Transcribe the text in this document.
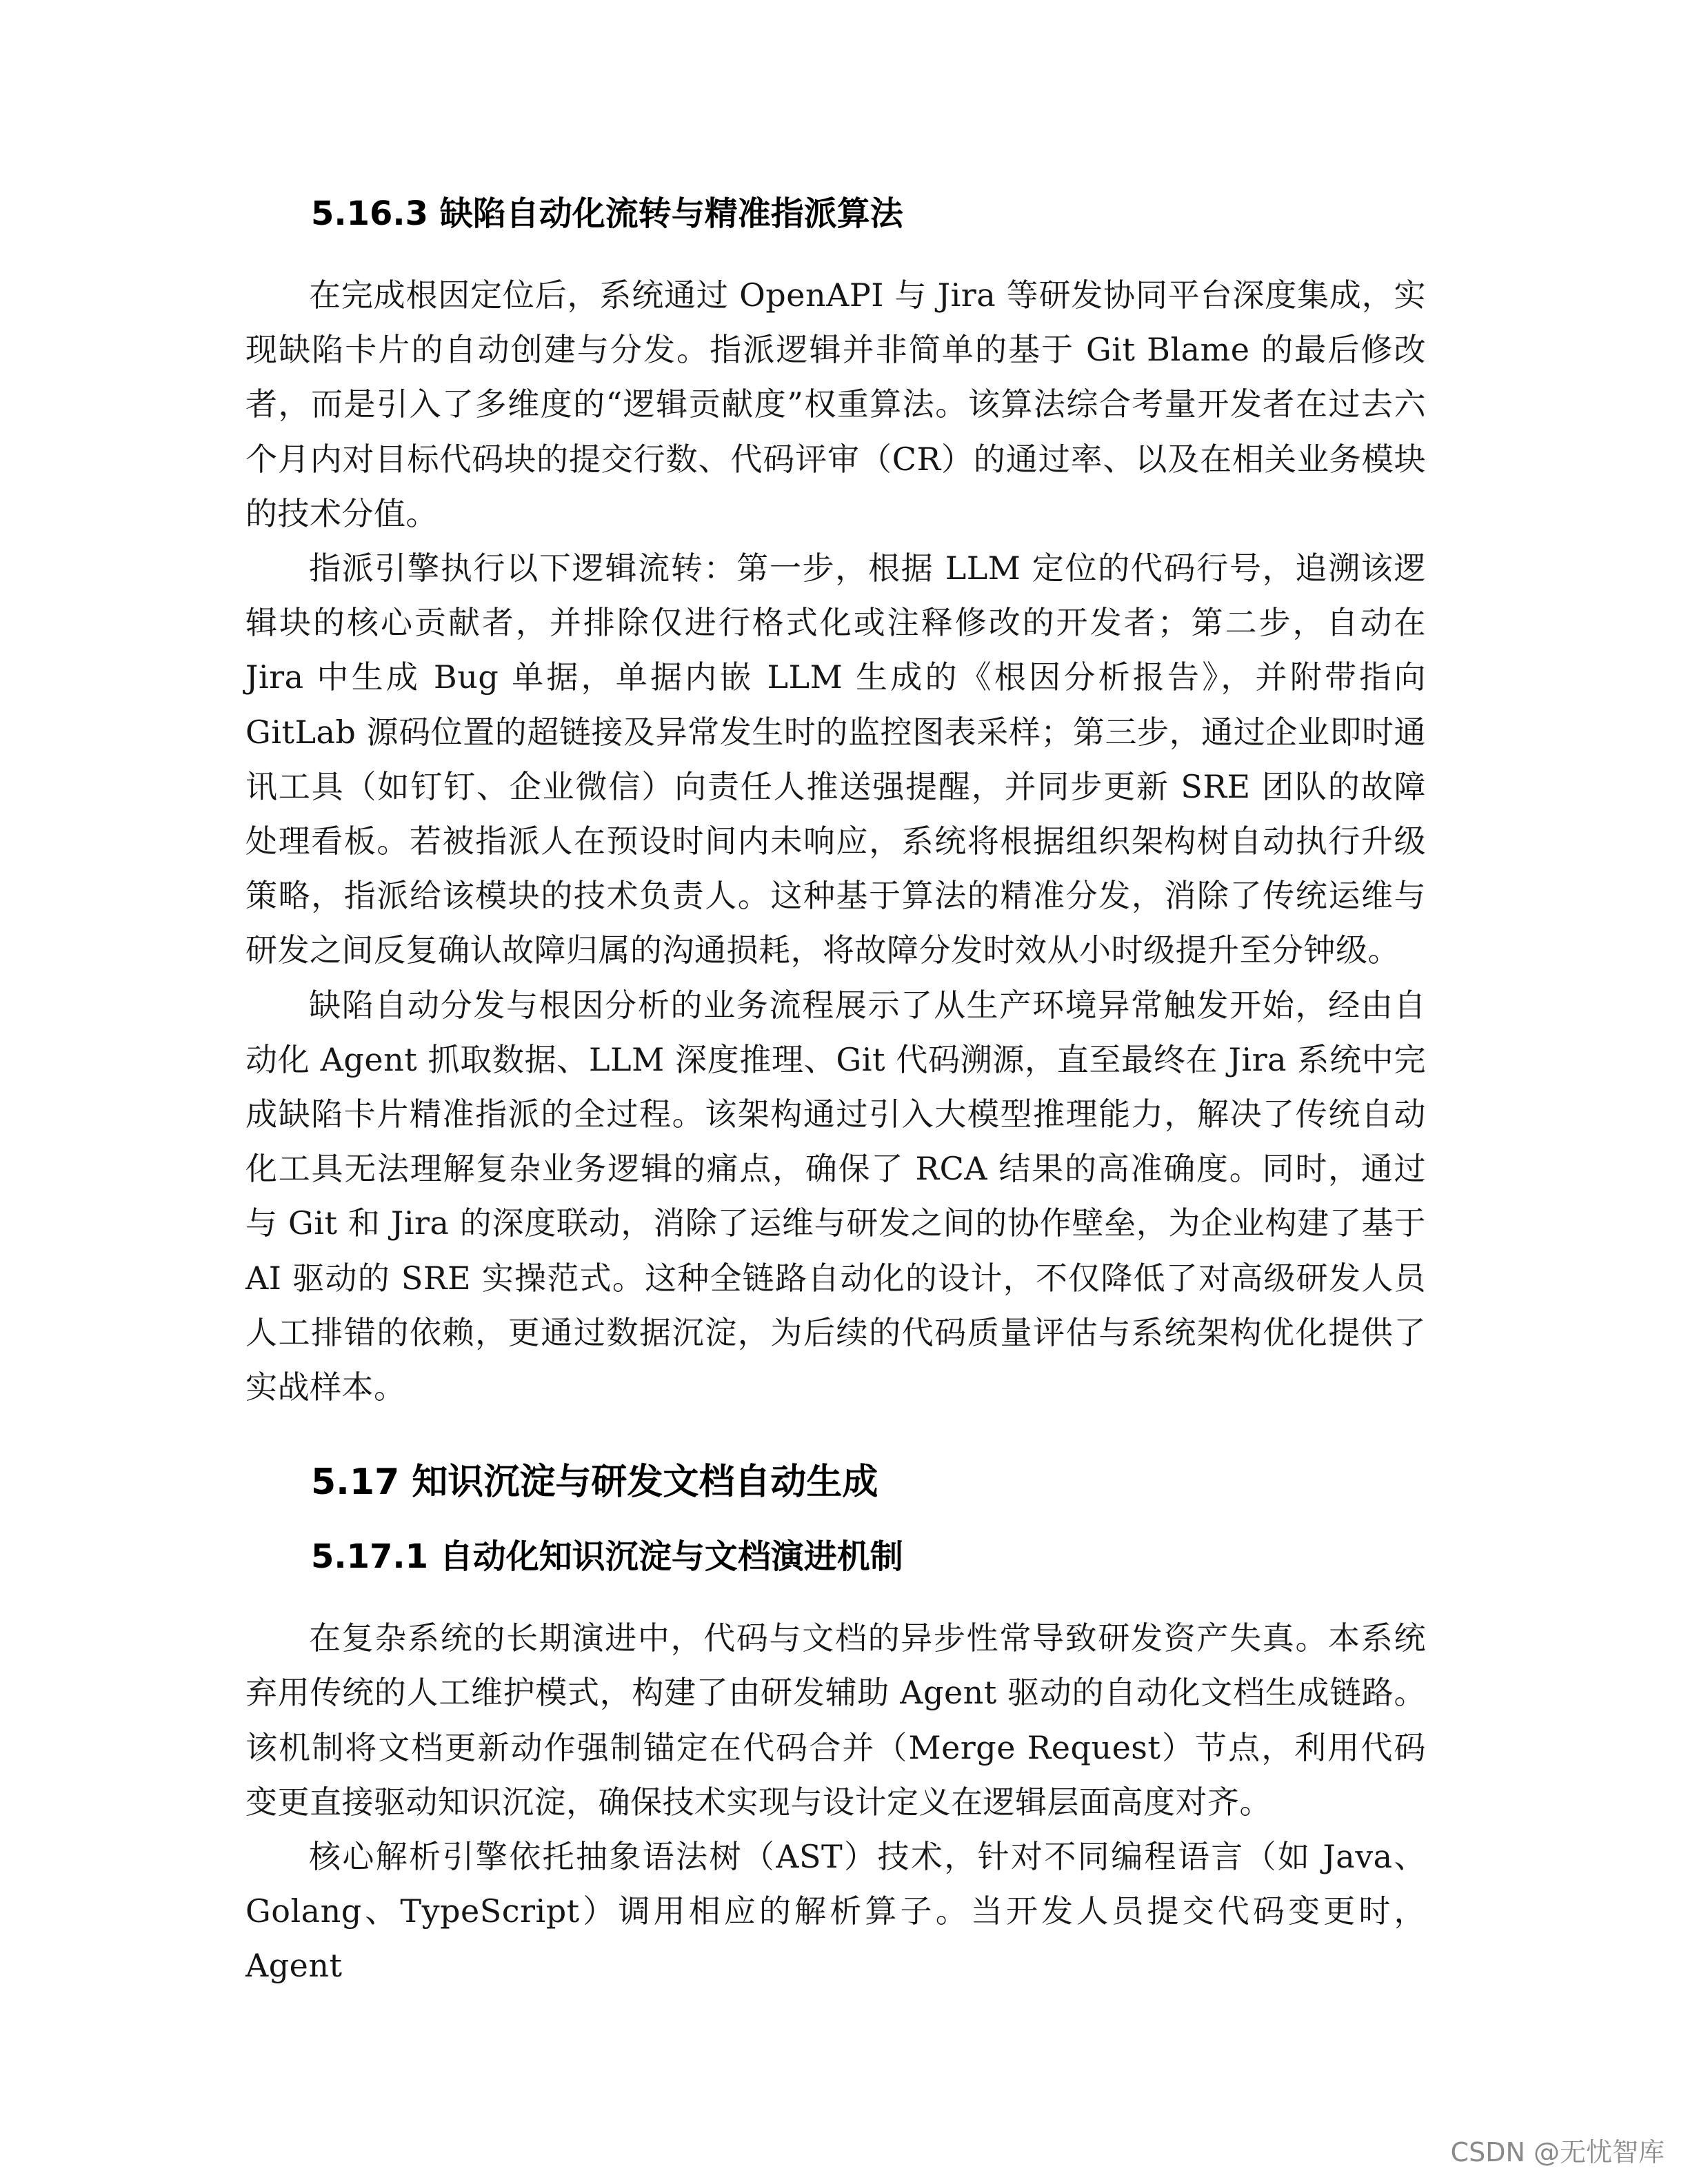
5.16.3 缺陷自动化流转与精准指派算法

在完成根因定位后，系统通过 OpenAPI 与 Jira 等研发协同平台深度集成，实现缺陷卡片的自动创建与分发。指派逻辑并非简单的基于 Git Blame 的最后修改者，而是引入了多维度的“逻辑贡献度”权重算法。该算法综合考量开发者在过去六个月内对目标代码块的提交行数、代码评审（CR）的通过率、以及在相关业务模块的技术分值。

指派引擎执行以下逻辑流转：第一步，根据 LLM 定位的代码行号，追溯该逻辑块的核心贡献者，并排除仅进行格式化或注释修改的开发者；第二步，自动在 Jira 中生成 Bug 单据，单据内嵌 LLM 生成的《根因分析报告》，并附带指向 GitLab 源码位置的超链接及异常发生时的监控图表采样；第三步，通过企业即时通讯工具（如钉钉、企业微信）向责任人推送强提醒，并同步更新 SRE 团队的故障处理看板。若被指派人在预设时间内未响应，系统将根据组织架构树自动执行升级策略，指派给该模块的技术负责人。这种基于算法的精准分发，消除了传统运维与研发之间反复确认故障归属的沟通损耗，将故障分发时效从小时级提升至分钟级。

缺陷自动分发与根因分析的业务流程展示了从生产环境异常触发开始，经由自动化 Agent 抓取数据、LLM 深度推理、Git 代码溯源，直至最终在 Jira 系统中完成缺陷卡片精准指派的全过程。该架构通过引入大模型推理能力，解决了传统自动化工具无法理解复杂业务逻辑的痛点，确保了 RCA 结果的高准确度。同时，通过与 Git 和 Jira 的深度联动，消除了运维与研发之间的协作壁垒，为企业构建了基于 AI 驱动的 SRE 实操范式。这种全链路自动化的设计，不仅降低了对高级研发人员人工排错的依赖，更通过数据沉淀，为后续的代码质量评估与系统架构优化提供了实战样本。

5.17 知识沉淀与研发文档自动生成
5.17.1 自动化知识沉淀与文档演进机制

在复杂系统的长期演进中，代码与文档的异步性常导致研发资产失真。本系统弃用传统的人工维护模式，构建了由研发辅助 Agent 驱动的自动化文档生成链路。该机制将文档更新动作强制锚定在代码合并（Merge Request）节点，利用代码变更直接驱动知识沉淀，确保技术实现与设计定义在逻辑层面高度对齐。

核心解析引擎依托抽象语法树（AST）技术，针对不同编程语言（如 Java、Golang、TypeScript）调用相应的解析算子。当开发人员提交代码变更时，Agent

CSDN @无忧智库
